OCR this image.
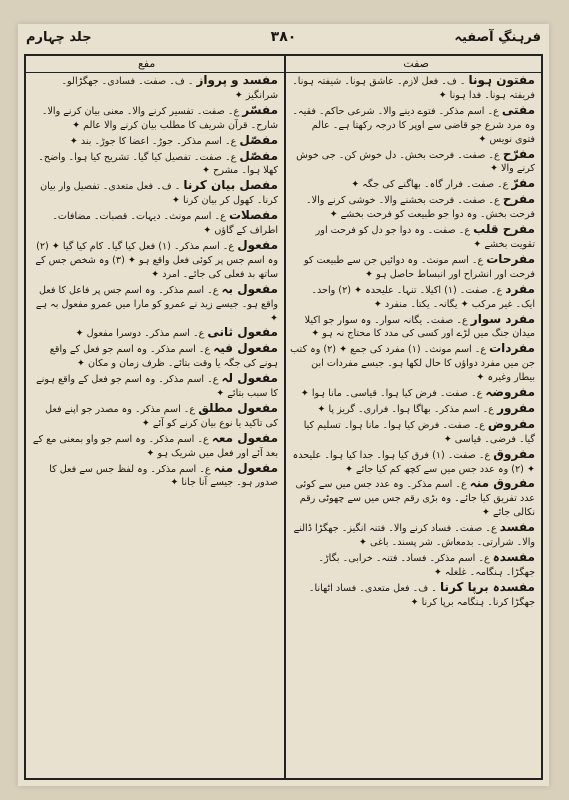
فرہنگِ آصفیہ
۳۸۰
جلد چہارم
صفت
مفع

مفتون ہونا ۔ ف۔ فعل لازم۔ عاشق ہونا۔ شیفتہ ہونا۔ فریفتہ ہونا۔ فدا ہونا ✦

مفتی ع۔ اسم مذکر۔ فتوے دینے والا۔ شرعی حاکم۔ فقیہ۔ وہ مرد شرع جو قاضی سے اوپر کا درجہ رکھتا ہے۔ عالم فتوی نویس ✦

مفرّح ع۔ صفت۔ فرحت بخش۔ دل خوش کن۔ جی خوش کرنے والا ✦

مفرّ ع۔ صفت۔ فرار گاہ۔ بھاگنے کی جگہ ✦

مفرح ع۔ صفت۔ فرحت بخشنے والا۔ خوشی کرنے والا۔ فرحت بخش۔ وہ دوا جو طبیعت کو فرحت بخشے ✦

مفرح قلب ع۔ صفت۔ وہ دوا جو دل کو فرحت اور تقویت بخشے ✦

مفرحات ع۔ اسم مونث۔ وہ دوائیں جن سے طبیعت کو فرحت اور انشراح اور انبساط حاصل ہو ✦

مفرد ع۔ صفت۔ (۱) اکیلا۔ تنہا۔ علیحدہ ✦ (۲) واحد۔ ایک۔ غیر مرکب ✦ یگانہ۔ یکتا۔ منفرد ✦

مفرد سوار ع۔ صفت۔ یگانہ سوار۔ وہ سوار جو اکیلا میدان جنگ میں لڑے اور کسی کی مدد کا محتاج نہ ہو ✦

مفردات ع۔ اسم مونث۔ (۱) مفرد کی جمع ✦ (۲) وہ کتب جن میں مفرد دواؤں کا حال لکھا ہو۔ جیسے مفردات ابن بیطار وغیرہ ✦

مفروضہ ع۔ صفت۔ فرض کیا ہوا۔ قیاسی۔ مانا ہوا ✦

مفرور ع۔ اسم مذکر۔ بھاگا ہوا۔ فراری۔ گریز پا ✦

مفروض ع۔ صفت۔ فرض کیا ہوا۔ مانا ہوا۔ تسلیم کیا گیا۔ فرضی۔ قیاسی ✦

مفروق ع۔ صفت۔ (۱) فرق کیا ہوا۔ جدا کیا ہوا۔ علیحدہ ✦ (۲) وہ عدد جس میں سے کچھ کم کیا جائے ✦

مفروق منہ ع۔ اسم مذکر۔ وہ عدد جس میں سے کوئی عدد تفریق کیا جائے۔ وہ بڑی رقم جس میں سے چھوٹی رقم نکالی جائے ✦

مفسد ع۔ صفت۔ فساد کرنے والا۔ فتنہ انگیز۔ جھگڑا ڈالنے والا۔ شرارتی۔ بدمعاش۔ شر پسند۔ باغی ✦

مفسدہ ع۔ اسم مذکر۔ فساد۔ فتنہ۔ خرابی۔ بگاڑ۔ جھگڑا۔ ہنگامہ۔ غلغلہ ✦

مفسدہ برپا کرنا ۔ ف۔ فعل متعدی۔ فساد اٹھانا۔ جھگڑا کرنا۔ ہنگامہ برپا کرنا ✦

مفسد و پرواز ۔ ف۔ صفت۔ فسادی۔ جھگڑالو۔ شرانگیز ✦

مفسّر ع۔ صفت۔ تفسیر کرنے والا۔ معنی بیان کرنے والا۔ شارح۔ قرآن شریف کا مطلب بیان کرنے والا عالم ✦

مفصّل ع۔ اسم مذکر۔ جوڑ۔ اعضا کا جوڑ۔ بند ✦

مفصّل ع۔ صفت۔ تفصیل کیا گیا۔ تشریح کیا ہوا۔ واضح۔ کھلا ہوا۔ مشرح ✦

مفصل بیان کرنا ۔ ف۔ فعل متعدی۔ تفصیل وار بیان کرنا۔ کھول کر بیان کرنا ✦

مفصلات ع۔ اسم مونث۔ دیہات۔ قصبات۔ مضافات۔ اطراف کے گاؤں ✦

مفعول ع۔ اسم مذکر۔ (۱) فعل کیا گیا۔ کام کیا گیا ✦ (۲) وہ اسم جس پر کوئی فعل واقع ہو ✦ (۳) وہ شخص جس کے ساتھ بد فعلی کی جائے۔ امرد ✦

مفعول بہ ع۔ اسم مذکر۔ وہ اسم جس پر فاعل کا فعل واقع ہو۔ جیسے زید نے عمرو کو مارا میں عمرو مفعول بہ ہے ✦

مفعول ثانی ع۔ اسم مذکر۔ دوسرا مفعول ✦

مفعول فیہ ع۔ اسم مذکر۔ وہ اسم جو فعل کے واقع ہونے کی جگہ یا وقت بتائے۔ ظرف زمان و مکان ✦

مفعول لہ ع۔ اسم مذکر۔ وہ اسم جو فعل کے واقع ہونے کا سبب بتائے ✦

مفعول مطلق ع۔ اسم مذکر۔ وہ مصدر جو اپنے فعل کی تاکید یا نوع بیان کرنے کو آئے ✦

مفعول معہ ع۔ اسم مذکر۔ وہ اسم جو واو بمعنی مع کے بعد آئے اور فعل میں شریک ہو ✦

مفعول منہ ع۔ اسم مذکر۔ وہ لفظ جس سے فعل کا صدور ہو۔ جیسے آنا جانا ✦
